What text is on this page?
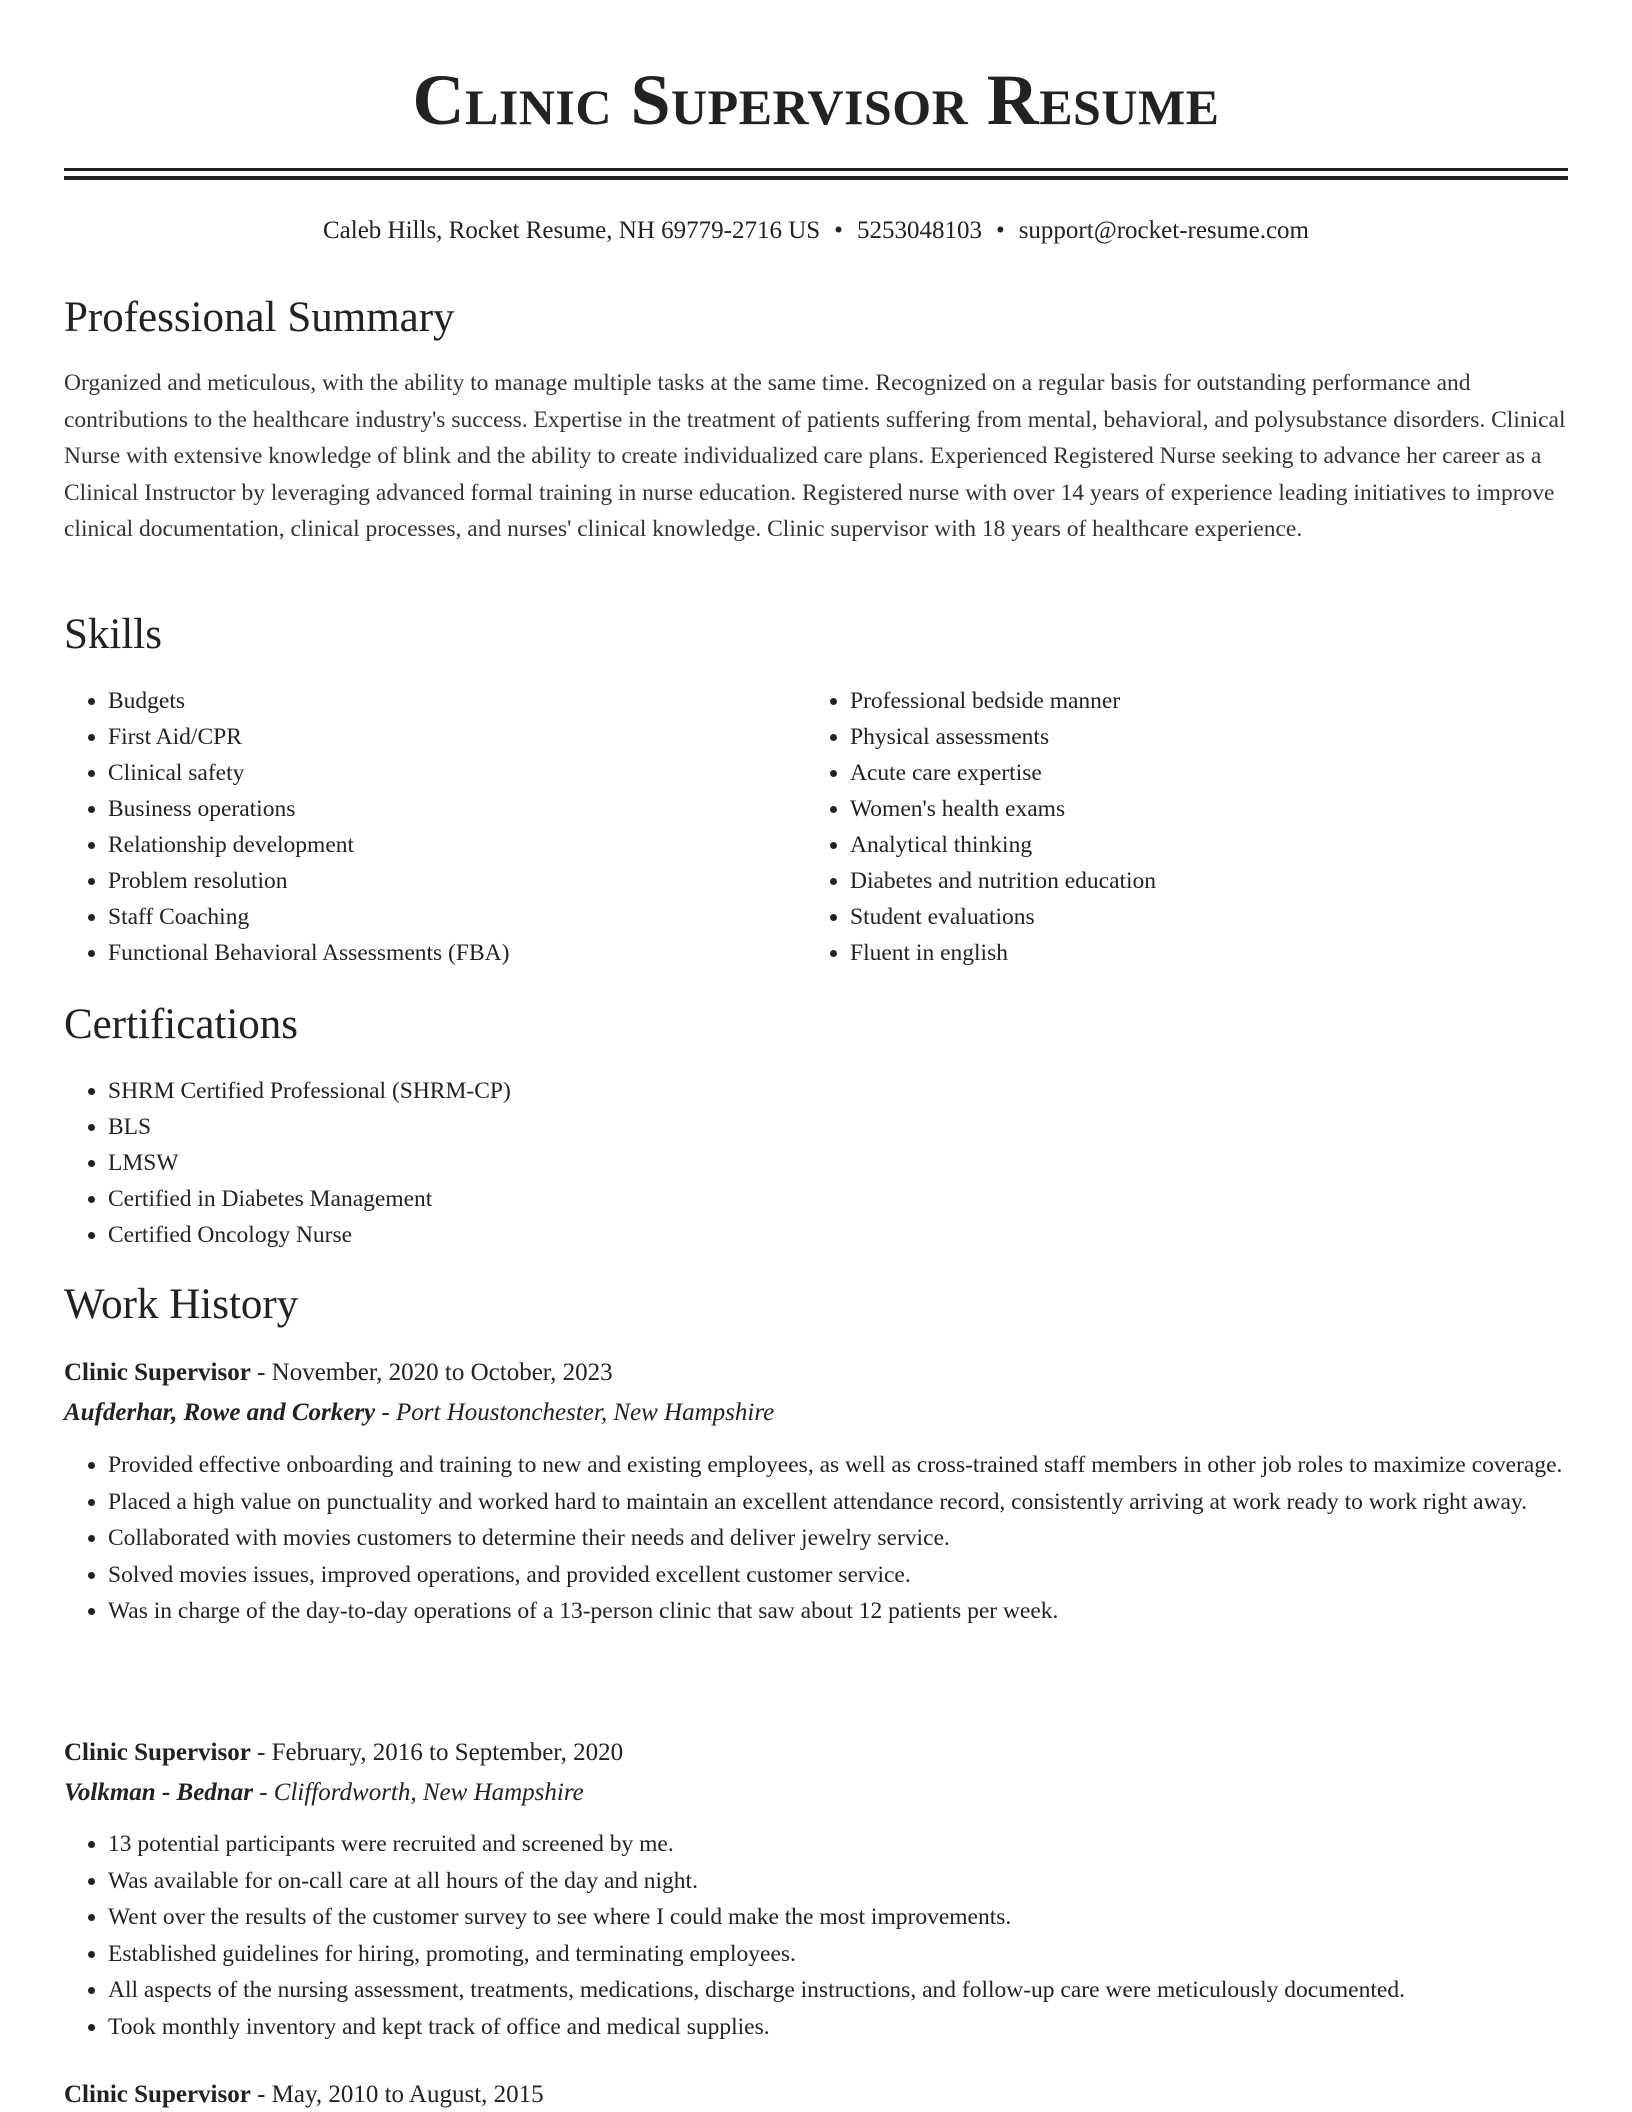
Clinic Supervisor Resume
Caleb Hills, Rocket Resume, NH 69779-2716 US • 5253048103 • support@rocket-resume.com
Professional Summary

Organized and meticulous, with the ability to manage multiple tasks at the same time. Recognized on a regular basis for outstanding performance and contributions to the healthcare industry's success. Expertise in the treatment of patients suffering from mental, behavioral, and polysubstance disorders. Clinical Nurse with extensive knowledge of blink and the ability to create individualized care plans. Experienced Registered Nurse seeking to advance her career as a Clinical Instructor by leveraging advanced formal training in nurse education. Registered nurse with over 14 years of experience leading initiatives to improve clinical documentation, clinical processes, and nurses' clinical knowledge. Clinic supervisor with 18 years of healthcare experience.

Skills
• Budgets
• First Aid/CPR
• Clinical safety
• Business operations
• Relationship development
• Problem resolution
• Staff Coaching
• Functional Behavioral Assessments (FBA)
• Professional bedside manner
• Physical assessments
• Acute care expertise
• Women's health exams
• Analytical thinking
• Diabetes and nutrition education
• Student evaluations
• Fluent in english
Certifications
• SHRM Certified Professional (SHRM-CP)
• BLS
• LMSW
• Certified in Diabetes Management
• Certified Oncology Nurse
Work History
Clinic Supervisor - November, 2020 to October, 2023
Aufderhar, Rowe and Corkery - Port Houstonchester, New Hampshire
• Provided effective onboarding and training to new and existing employees, as well as cross-trained staff members in other job roles to maximize coverage.
• Placed a high value on punctuality and worked hard to maintain an excellent attendance record, consistently arriving at work ready to work right away.
• Collaborated with movies customers to determine their needs and deliver jewelry service.
• Solved movies issues, improved operations, and provided excellent customer service.
• Was in charge of the day-to-day operations of a 13-person clinic that saw about 12 patients per week.
Clinic Supervisor - February, 2016 to September, 2020
Volkman - Bednar - Cliffordworth, New Hampshire
• 13 potential participants were recruited and screened by me.
• Was available for on-call care at all hours of the day and night.
• Went over the results of the customer survey to see where I could make the most improvements.
• Established guidelines for hiring, promoting, and terminating employees.
• All aspects of the nursing assessment, treatments, medications, discharge instructions, and follow-up care were meticulously documented.
• Took monthly inventory and kept track of office and medical supplies.
Clinic Supervisor - May, 2010 to August, 2015
